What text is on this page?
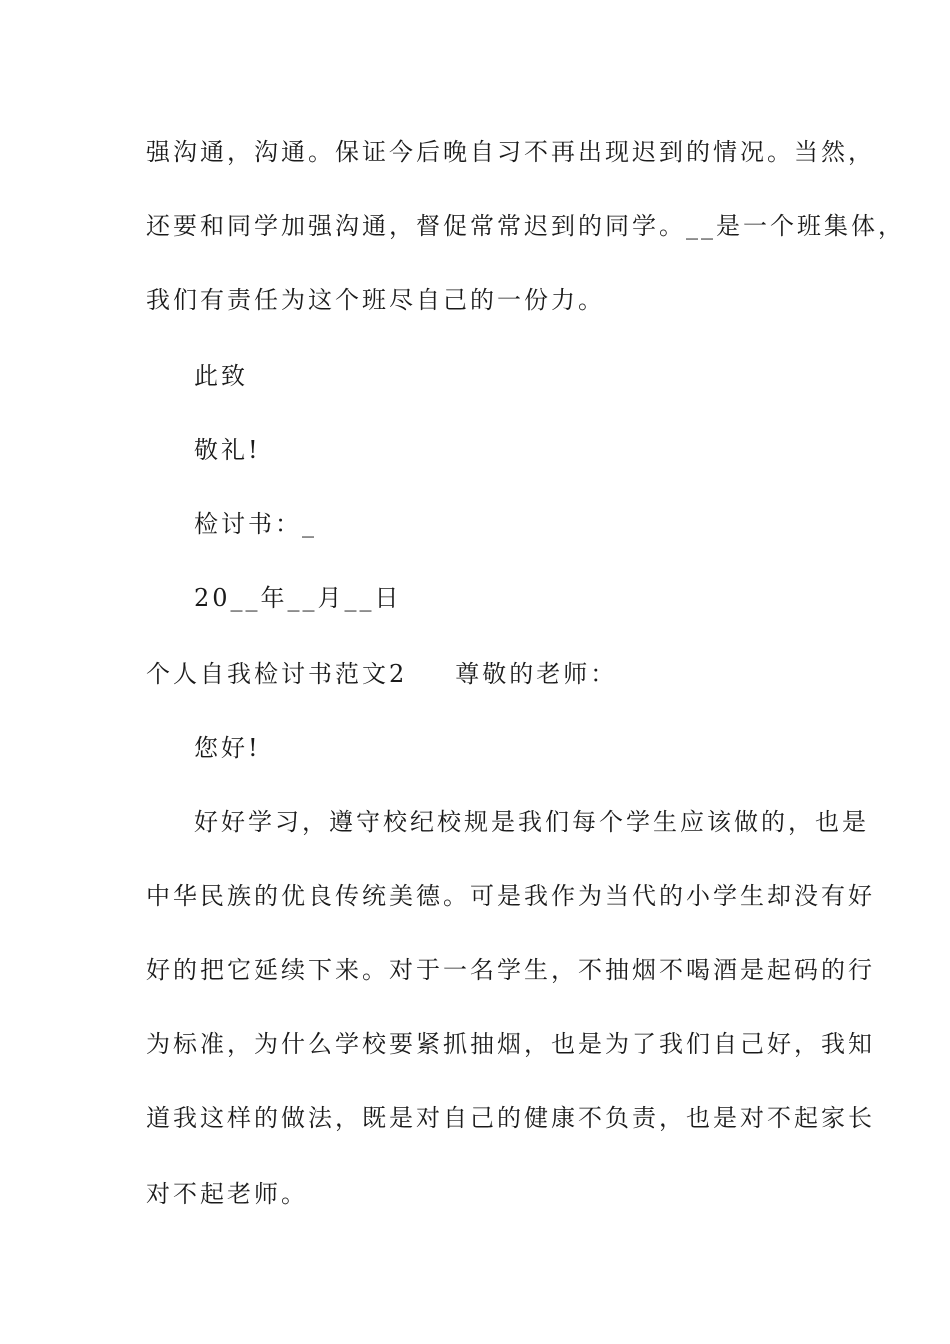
强沟通，沟通。保证今后晚自习不再出现迟到的情况。当然，
还要和同学加强沟通，督促常常迟到的同学。__是一个班集体，
我们有责任为这个班尽自己的一份力。
此致
敬礼!
检讨书：_
20__年__月__日
个人自我检讨书范文2 尊敬的老师：
您好!
好好学习，遵守校纪校规是我们每个学生应该做的，也是
中华民族的优良传统美德。可是我作为当代的小学生却没有好
好的把它延续下来。对于一名学生，不抽烟不喝酒是起码的行
为标准，为什么学校要紧抓抽烟，也是为了我们自己好，我知
道我这样的做法，既是对自己的健康不负责，也是对不起家长
对不起老师。
